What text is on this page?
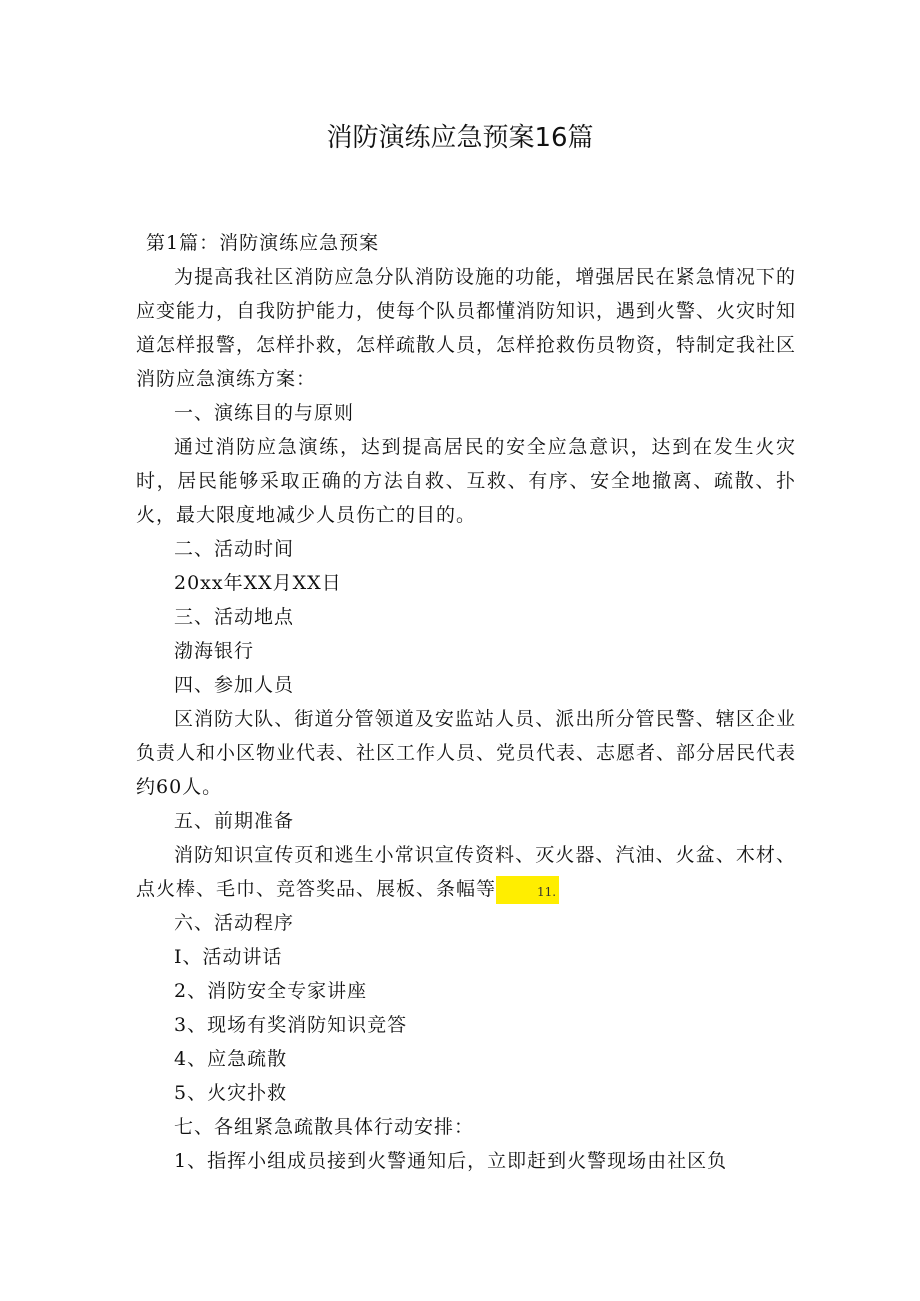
消防演练应急预案16篇
第1篇：消防演练应急预案
为提高我社区消防应急分队消防设施的功能，增强居民在紧急情况下的应变能力，自我防护能力，使每个队员都懂消防知识，遇到火警、火灾时知道怎样报警，怎样扑救，怎样疏散人员，怎样抢救伤员物资，特制定我社区消防应急演练方案：
一、演练目的与原则
通过消防应急演练，达到提高居民的安全应急意识，达到在发生火灾时，居民能够采取正确的方法自救、互救、有序、安全地撤离、疏散、扑火，最大限度地减少人员伤亡的目的。
二、活动时间
20xx年XX月XX日
三、活动地点
渤海银行
四、参加人员
区消防大队、街道分管领道及安监站人员、派出所分管民警、辖区企业负责人和小区物业代表、社区工作人员、党员代表、志愿者、部分居民代表约60人。
五、前期准备
消防知识宣传页和逃生小常识宣传资料、灭火器、汽油、火盆、木材、点火棒、毛巾、竞答奖品、展板、条幅等	11.
六、活动程序
I、活动讲话
2、消防安全专家讲座
3、现场有奖消防知识竞答
4、应急疏散
5、火灾扑救
七、各组紧急疏散具体行动安排：
1、指挥小组成员接到火警通知后，立即赶到火警现场由社区负
